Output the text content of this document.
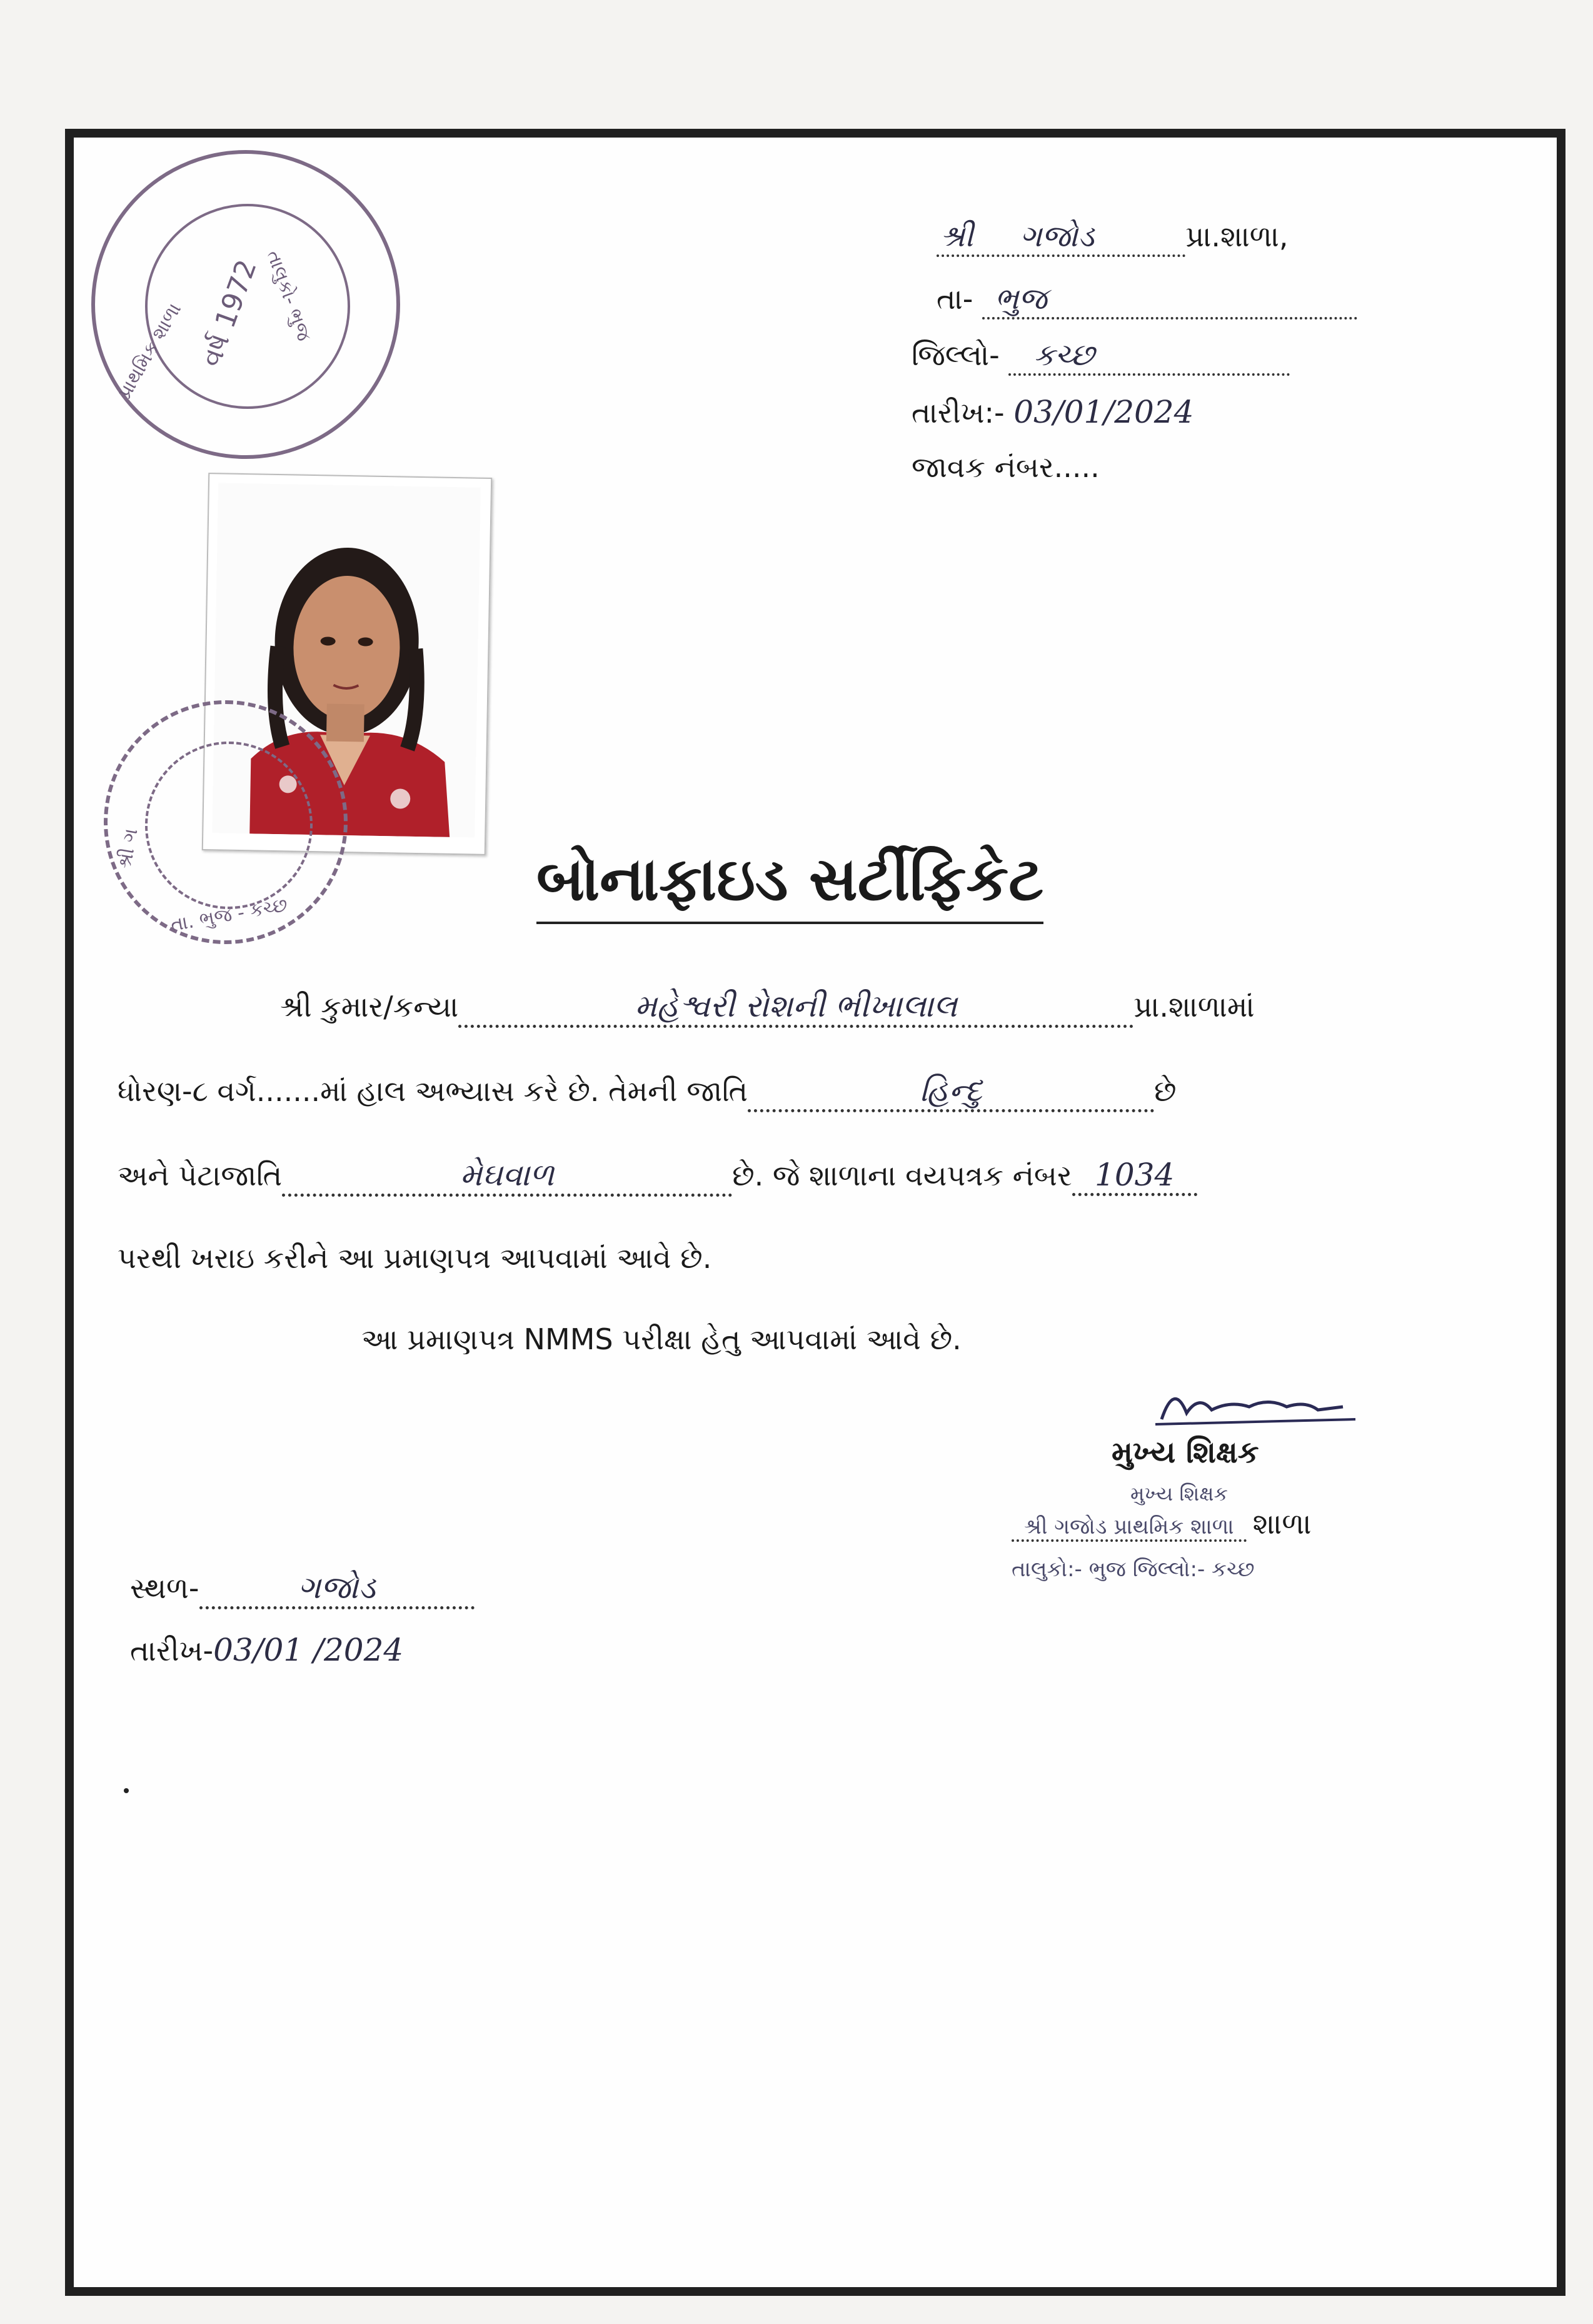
વર્ષ 1972
તાલુકો- ભુજ
પ્રાથમિક શાળા
શ્રી ગજોડ	પ્રા.શાળા,
તા- ભુજ
જિલ્લો- કચ્છ
તારીખ:- 03/01/2024
જાવક નંબર.....
શ્રી ગ
તા. ભુજ - કચ્છ
બોનાફાઇડ સર્ટીફિકેટ
શ્રી કુમાર/કન્યા	મહેશ્વરી રોશની ભીખાલાલ	પ્રા.શાળામાં
ધોરણ-૮ વર્ગ.......માં હાલ અભ્યાસ કરે છે. તેમની જાતિ	હિન્દુ	છે
અને પેટાજાતિ	મેઘવાળ	છે. જે શાળાના વયપત્રક નંબર 1034
પરથી ખરાઇ કરીને આ પ્રમાણપત્ર આપવામાં આવે છે.
આ પ્રમાણપત્ર NMMS પરીક્ષા હેતુ આપવામાં આવે છે.
મુખ્ય શિક્ષક
મુખ્ય શિક્ષક
શ્રી ગજોડ પ્રાથમિક શાળા શાળા
તાલુકો:- ભુજ જિલ્લો:- કચ્છ
સ્થળ-	ગજોડ
તારીખ-03/01 /2024
